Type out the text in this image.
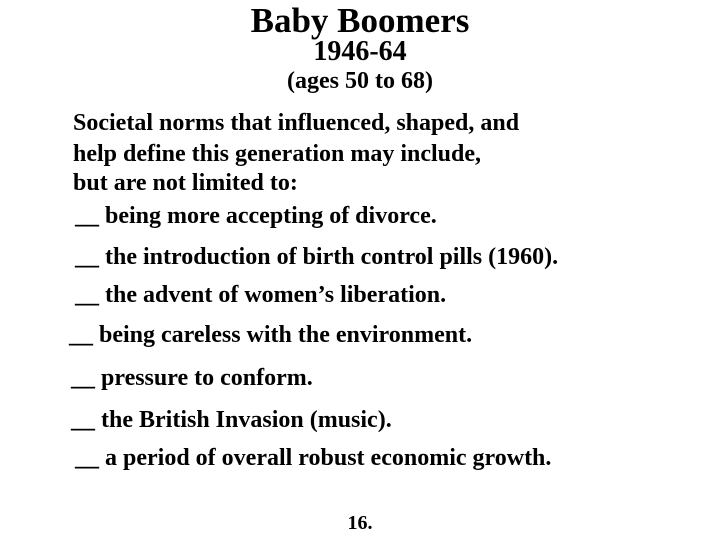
Baby Boomers
1946-64
(ages 50 to 68)
Societal norms that influenced, shaped, and
help define this generation may include,
but are not limited to:
__ being more accepting of divorce.
__ the introduction of birth control pills (1960).
__ the advent of women’s liberation.
__ being careless with the environment.
__ pressure to conform.
__ the British Invasion (music).
__ a period of overall robust economic growth.
16.
